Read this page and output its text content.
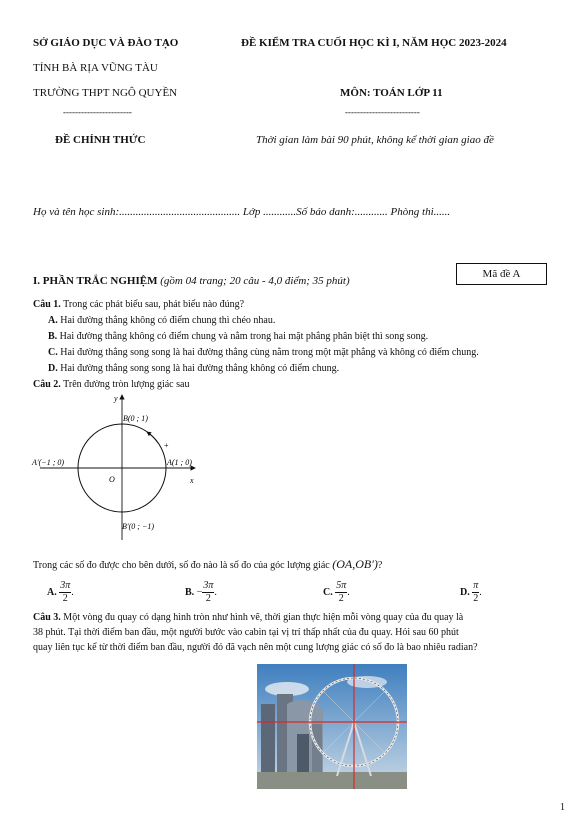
SỞ GIÁO DỤC VÀ ĐÀO TẠO	ĐỀ KIỂM TRA CUỐI HỌC KÌ I, NĂM HỌC 2023-2024
TỈNH BÀ RỊA VŨNG TÀU
TRƯỜNG THPT NGÔ QUYỀN	MÔN: TOÁN LỚP 11
-----------------------	-------------------------
ĐỀ CHÍNH THỨC	Thời gian làm bài 90 phút, không kể thời gian giao đề
Họ và tên học sinh:............................................ Lớp ............Số báo danh:............ Phòng thi......
I. PHẦN TRẮC NGHIỆM (gồm 04 trang; 20 câu - 4,0 điểm; 35 phút)
Mã đề A
Câu 1. Trong các phát biểu sau, phát biểu nào đúng?
A. Hai đường thẳng không có điểm chung thì chéo nhau.
B. Hai đường thẳng không có điểm chung và nằm trong hai mặt phẳng phân biệt thì song song.
C. Hai đường thẳng song song là hai đường thẳng cùng nằm trong một mặt phẳng và không có điểm chung.
D. Hai đường thẳng song song là hai đường thẳng không có điểm chung.
Câu 2. Trên đường tròn lượng giác sau
+
y
x
O
B(0 ; 1)
A′(−1 ; 0)	A(1 ; 0)
B′(0 ; −1)
Trong các số đo được cho bên dưới, số đo nào là số đo của góc lượng giác (OA,OB′)?
A. $\frac{3\pi}{2}$ .	B. − $\frac{3\pi}{2}$ .	C. $\frac{5\pi}{2}$ .	D. $\frac{\pi}{2}$ .
Câu 3. Một vòng đu quay có dạng hình tròn như hình vẽ, thời gian thực hiện mỗi vòng quay của đu quay là
38 phút. Tại thời điểm ban đầu, một người bước vào cabin tại vị trí thấp nhất của đu quay. Hỏi sau 60 phút
quay liên tục kể từ thời điểm ban đầu, người đó đã vạch nên một cung lượng giác có số đo là bao nhiêu radian?
1
